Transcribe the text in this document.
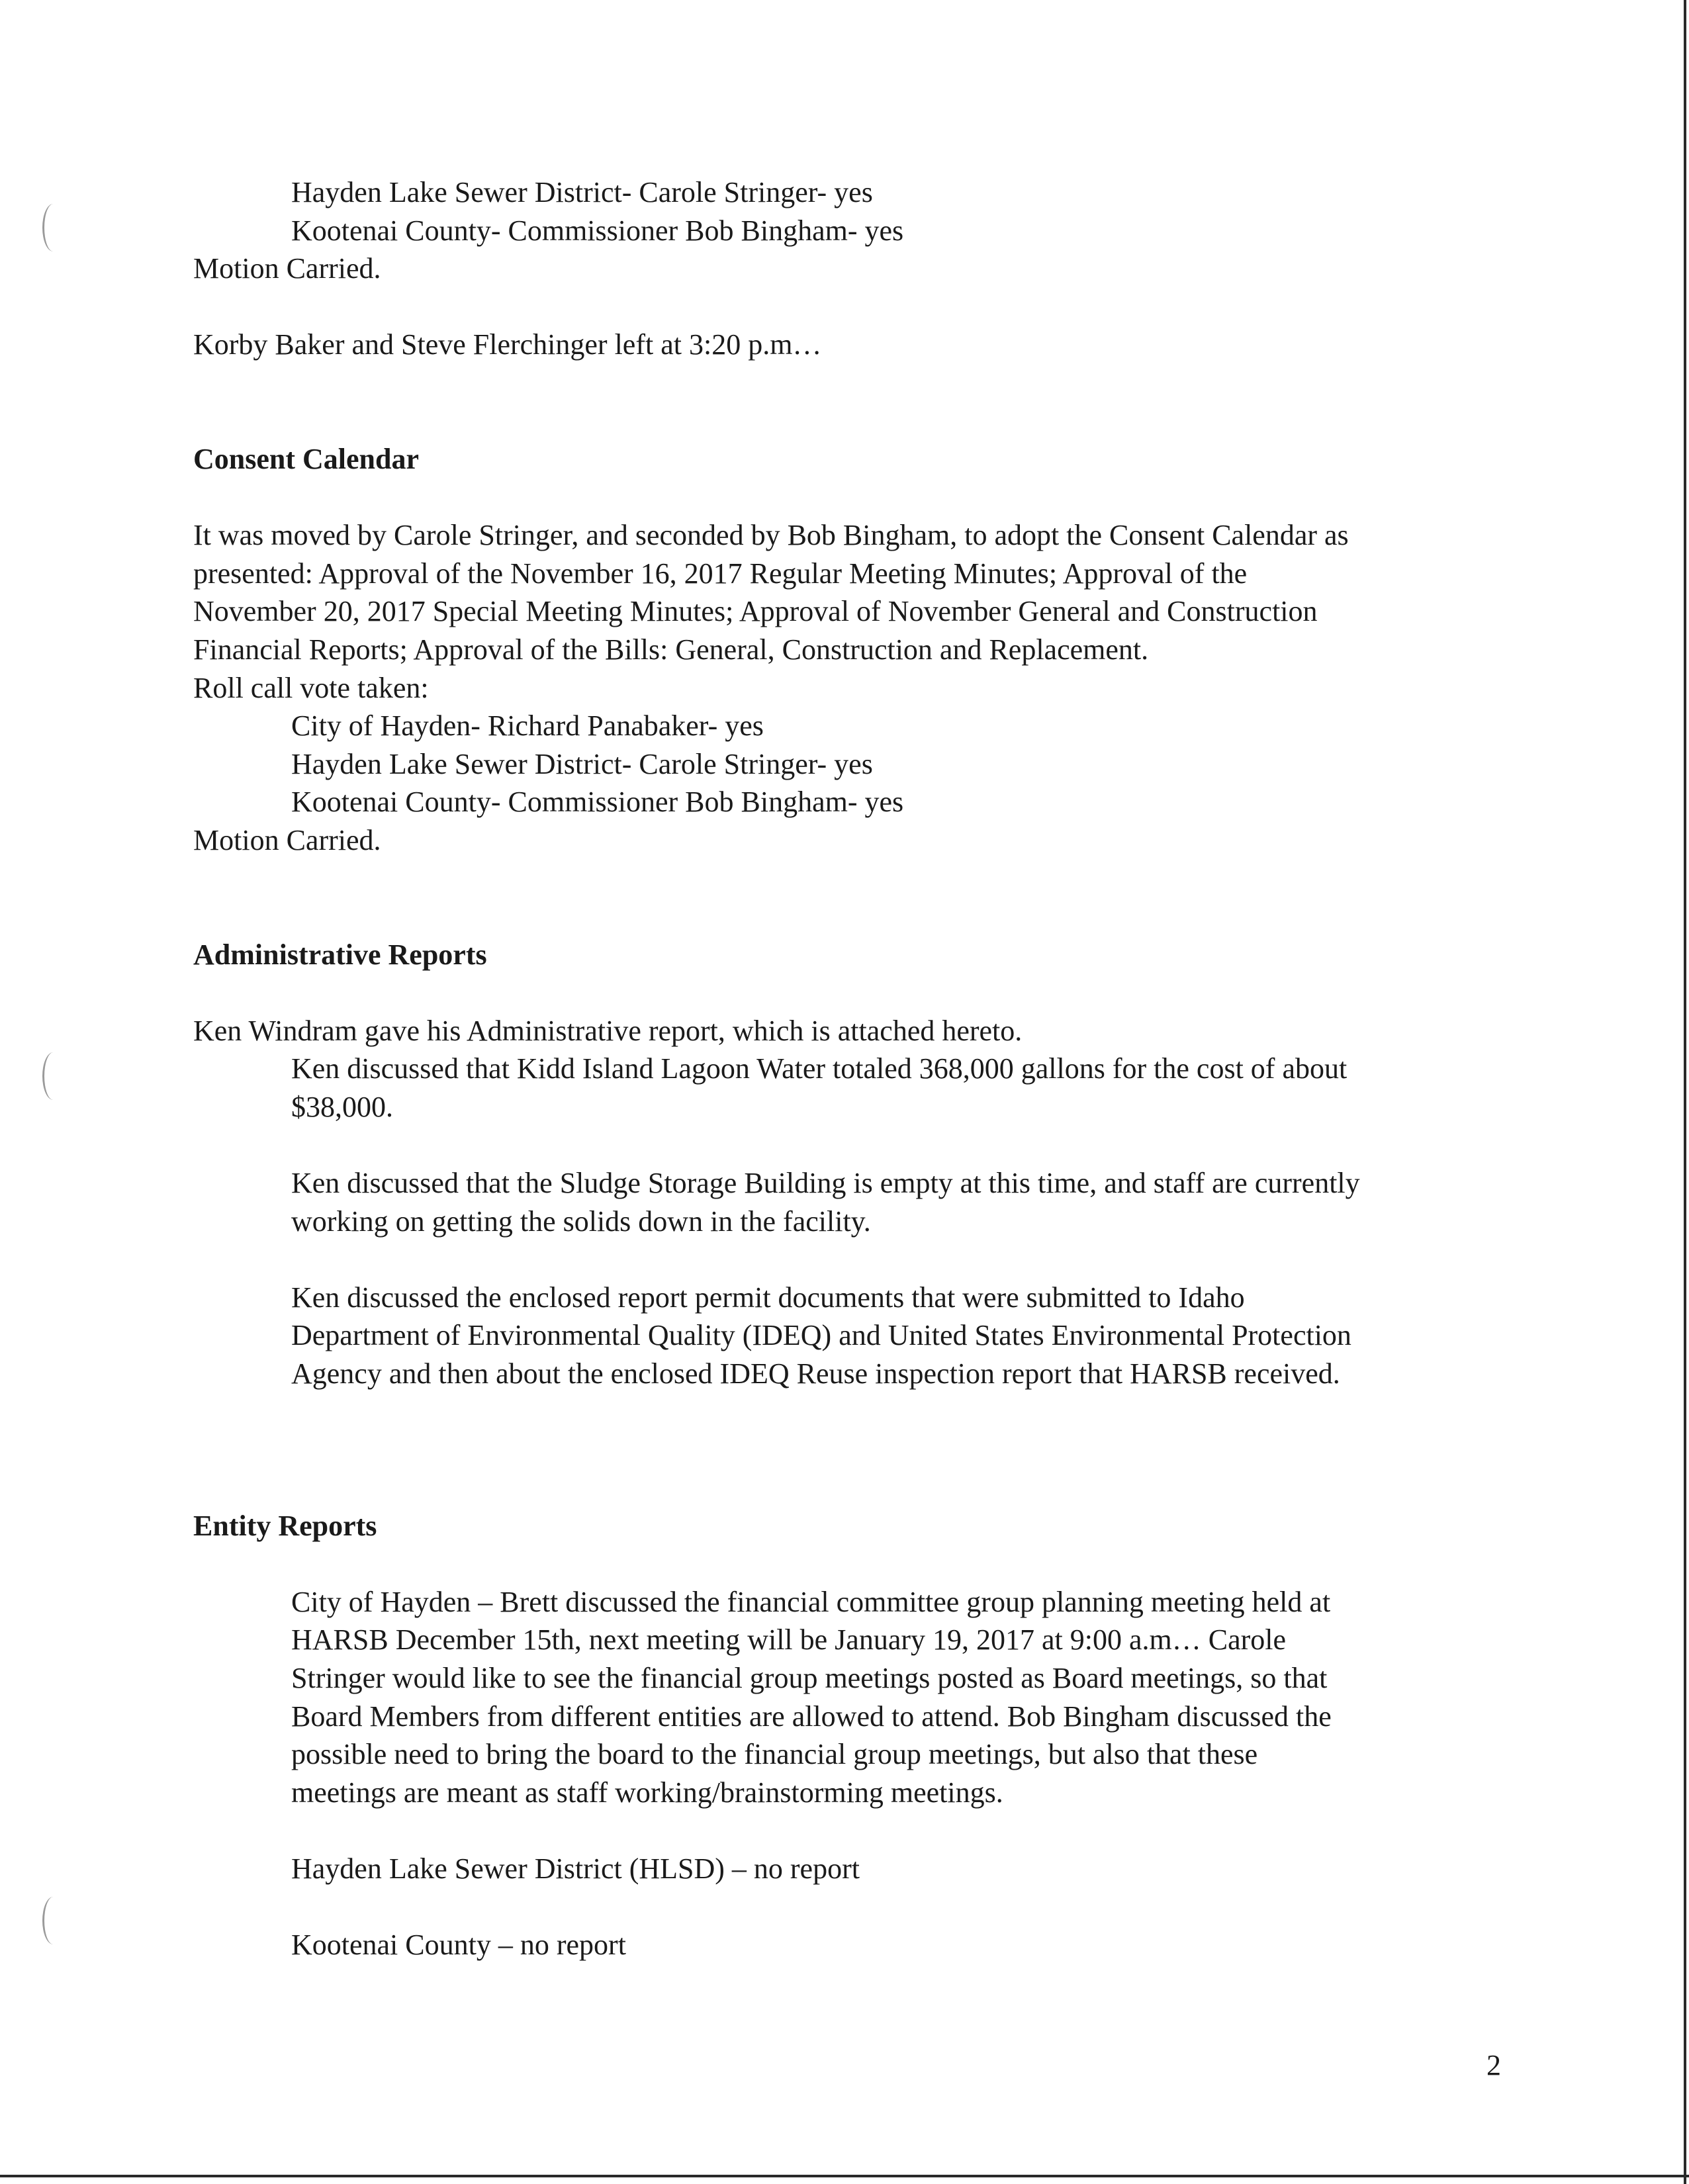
Hayden Lake Sewer District- Carole Stringer- yes

Kootenai County- Commissioner Bob Bingham- yes

Motion Carried.

Korby Baker and Steve Flerchinger left at 3:20 p.m…

Consent Calendar

It was moved by Carole Stringer, and seconded by Bob Bingham, to adopt the Consent Calendar as

presented: Approval of the November 16, 2017 Regular Meeting Minutes; Approval of the

November 20, 2017 Special Meeting Minutes; Approval of November General and Construction

Financial Reports; Approval of the Bills: General, Construction and Replacement.

Roll call vote taken:

City of Hayden- Richard Panabaker- yes

Hayden Lake Sewer District- Carole Stringer- yes

Kootenai County- Commissioner Bob Bingham- yes

Motion Carried.

Administrative Reports

Ken Windram gave his Administrative report, which is attached hereto.

Ken discussed that Kidd Island Lagoon Water totaled 368,000 gallons for the cost of about

$38,000.

Ken discussed that the Sludge Storage Building is empty at this time, and staff are currently

working on getting the solids down in the facility.

Ken discussed the enclosed report permit documents that were submitted to Idaho

Department of Environmental Quality (IDEQ) and United States Environmental Protection

Agency and then about the enclosed IDEQ Reuse inspection report that HARSB received.

Entity Reports

City of Hayden – Brett discussed the financial committee group planning meeting held at

HARSB December 15th, next meeting will be January 19, 2017 at 9:00 a.m… Carole

Stringer would like to see the financial group meetings posted as Board meetings, so that

Board Members from different entities are allowed to attend. Bob Bingham discussed the

possible need to bring the board to the financial group meetings, but also that these

meetings are meant as staff working/brainstorming meetings.

Hayden Lake Sewer District (HLSD) – no report

Kootenai County – no report

2
